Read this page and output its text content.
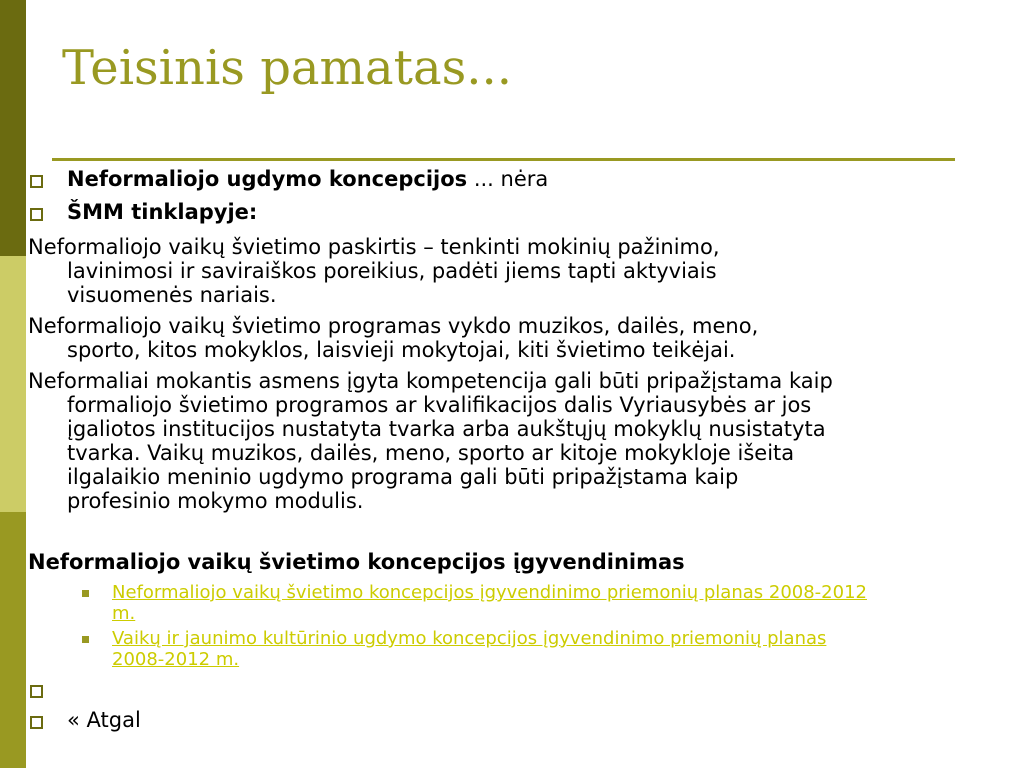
Teisinis pamatas...
Neformaliojo ugdymo koncepcijos ... nėra
ŠMM tinklapyje:
Neformaliojo vaikų švietimo paskirtis – tenkinti mokinių pažinimo,
lavinimosi ir saviraiškos poreikius, padėti jiems tapti aktyviais
visuomenės nariais.
Neformaliojo vaikų švietimo programas vykdo muzikos, dailės, meno,
sporto, kitos mokyklos, laisvieji mokytojai, kiti švietimo teikėjai.
Neformaliai mokantis asmens įgyta kompetencija gali būti pripažįstama kaip
formaliojo švietimo programos ar kvalifikacijos dalis Vyriausybės ar jos
įgaliotos institucijos nustatyta tvarka arba aukštųjų mokyklų nusistatyta
tvarka. Vaikų muzikos, dailės, meno, sporto ar kitoje mokykloje išeita
ilgalaikio meninio ugdymo programa gali būti pripažįstama kaip
profesinio mokymo modulis.
Neformaliojo vaikų švietimo koncepcijos įgyvendinimas
Neformaliojo vaikų švietimo koncepcijos įgyvendinimo priemonių planas 2008-2012
m.
Vaikų ir jaunimo kultūrinio ugdymo koncepcijos įgyvendinimo priemonių planas
2008-2012 m.
« Atgal
